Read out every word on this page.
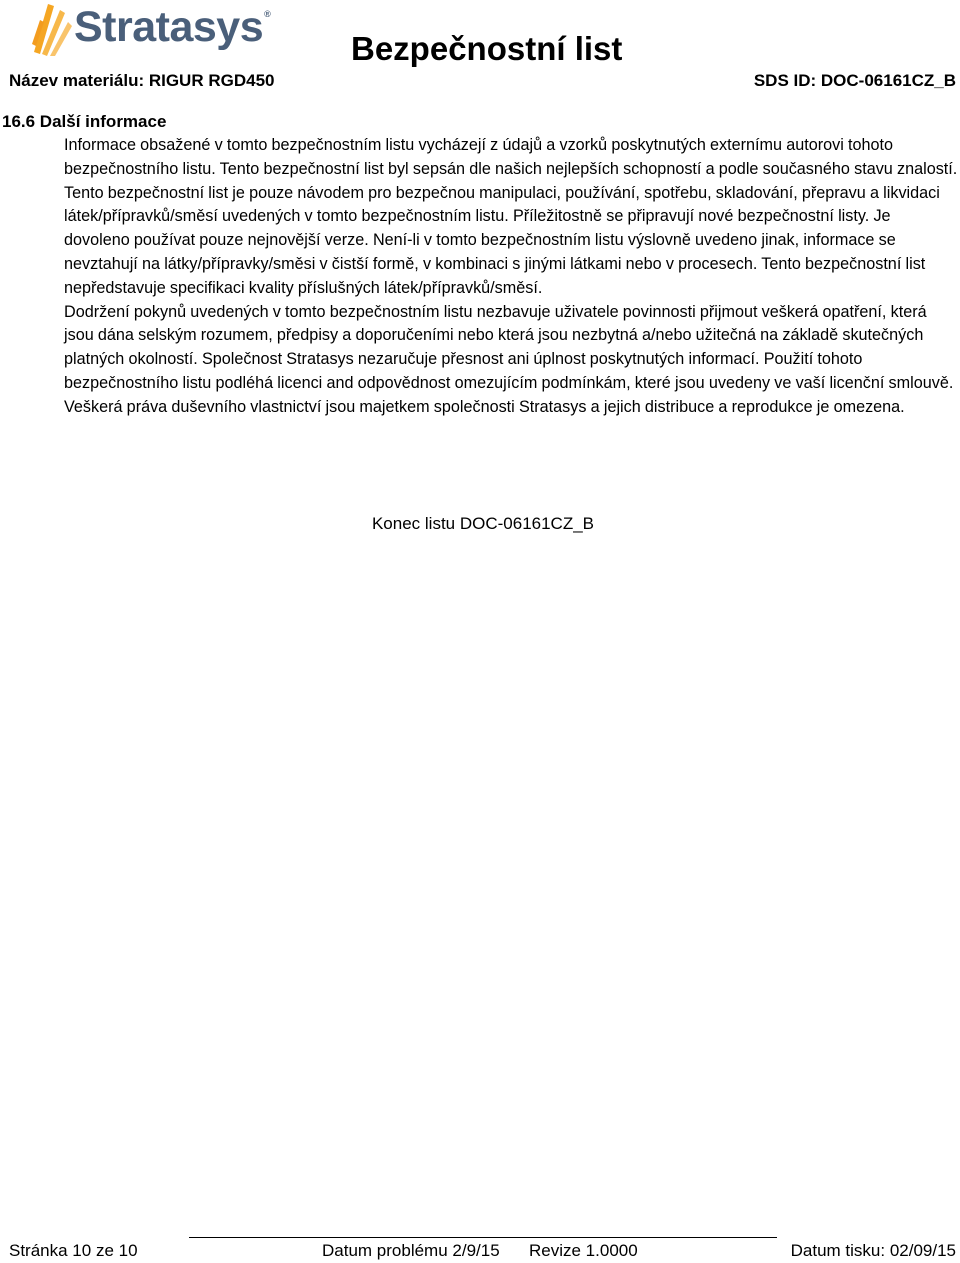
Stratasys®
Bezpečnostní list
Název materiálu: RIGUR RGD450	SDS ID: DOC-06161CZ_B
16.6 Další informace

Informace obsažené v tomto bezpečnostním listu vycházejí z údajů a vzorků poskytnutých externímu autorovi tohoto bezpečnostního listu. Tento bezpečnostní list byl sepsán dle našich nejlepších schopností a podle současného stavu znalostí. Tento bezpečnostní list je pouze návodem pro bezpečnou manipulaci, používání, spotřebu, skladování, přepravu a likvidaci látek/přípravků/směsí uvedených v tomto bezpečnostním listu. Příležitostně se připravují nové bezpečnostní listy. Je dovoleno používat pouze nejnovější verze. Není-li v tomto bezpečnostním listu výslovně uvedeno jinak, informace se nevztahují na látky/přípravky/směsi v čistší formě, v kombinaci s jinými látkami nebo v procesech. Tento bezpečnostní list nepředstavuje specifikaci kvality příslušných látek/přípravků/směsí.

Dodržení pokynů uvedených v tomto bezpečnostním listu nezbavuje uživatele povinnosti přijmout veškerá opatření, která jsou dána selským rozumem, předpisy a doporučeními nebo která jsou nezbytná a/nebo užitečná na základě skutečných platných okolností. Společnost Stratasys nezaručuje přesnost ani úplnost poskytnutých informací. Použití tohoto bezpečnostního listu podléhá licenci and odpovědnost omezujícím podmínkám, které jsou uvedeny ve vaší licenční smlouvě. Veškerá práva duševního vlastnictví jsou majetkem společnosti Stratasys a jejich distribuce a reprodukce je omezena.

Konec listu DOC-06161CZ_B
Stránka 10 ze 10	Datum problému 2/9/15 Revize 1.0000	Datum tisku: 02/09/15
